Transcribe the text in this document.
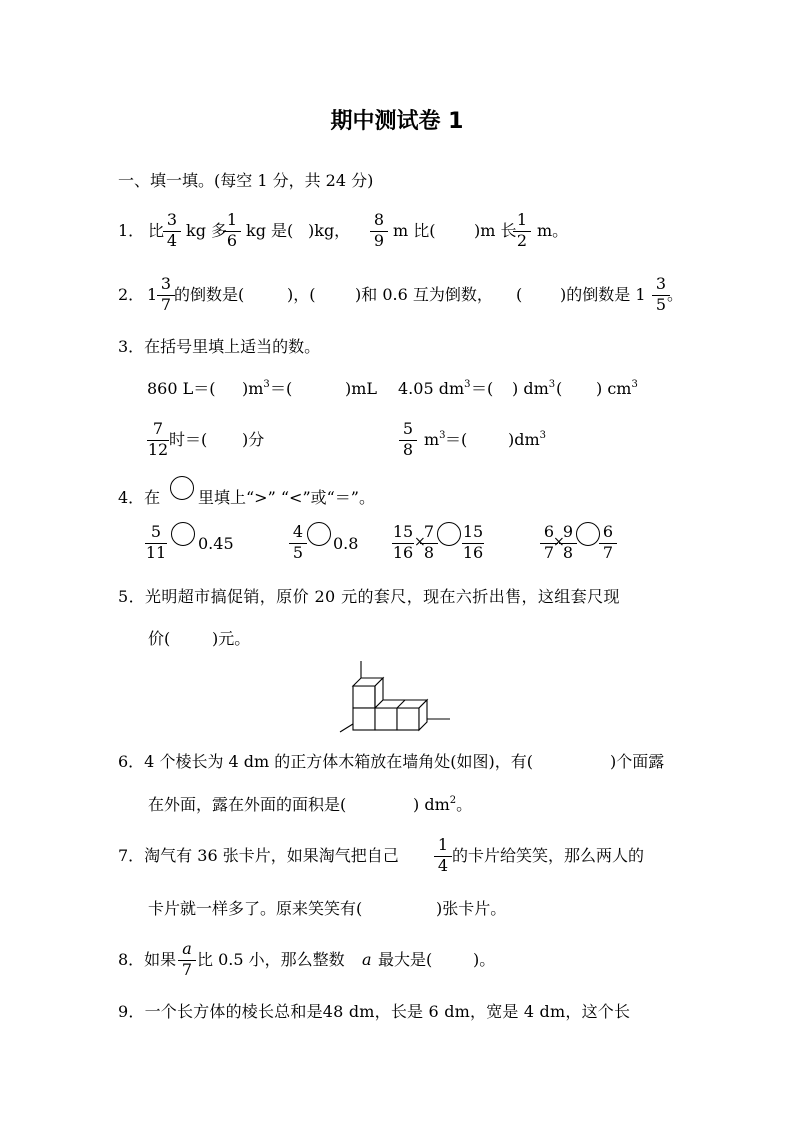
期中测试卷 1
一、填一填。(每空 1 分，共 24 分)
1． 比
3
4
kg 多
1
6
kg 是( )kg，
8
9
m 比( )m 长
1
2
m。
2． 1
3
7
的倒数是(	)，( )和 0.6 互为倒数， ( )的倒数是 1
3
5
。
3．在括号里填上适当的数。
860 L＝( )$m^3$ ＝(	)mL 4.05 $dm^3$ ＝( ) $dm^3$ ( ) $cm^3$
7
12
时＝( )分
5
8
$m^3$ ＝(	)$dm^3$
4．在 里填上“>” “<”或“＝”。
5
11 0.45
4
5 0.8
15
16
×
7
8
15
16
6
7
×
9
8
6
7
5．光明超市搞促销，原价 20 元的套尺，现在六折出售，这组套尺现
价(	)元。
6．4 个棱长为 4 dm 的正方体木箱放在墙角处(如图)，有(	)个面露
在外面，露在外面的面积是(	) $dm^2$。
7．淘气有 36 张卡片，如果淘气把自己
1
4
的卡片给笑笑，那么两人的
卡片就一样多了。原来笑笑有(	)张卡片。
8．如果
a
7
比 0.5 小，那么整数 a 最大是(	)。
9．一个长方体的棱长总和是48 dm，长是 6 dm，宽是 4 dm，这个长
